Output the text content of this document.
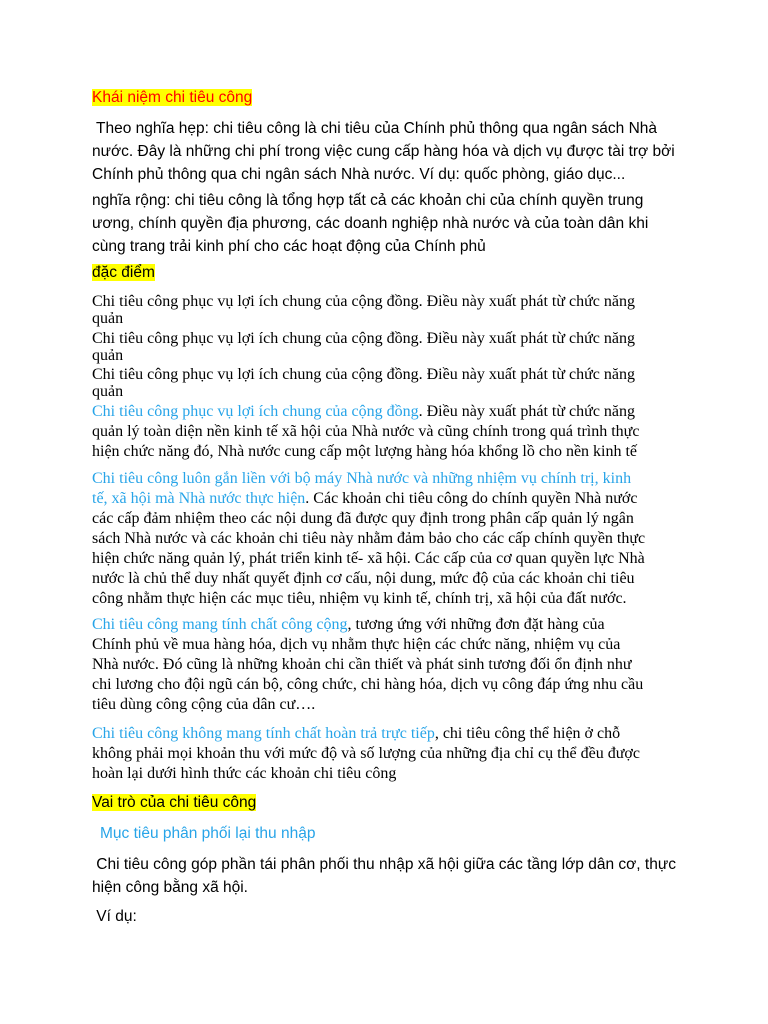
Khái niệm chi tiêu công
Theo nghĩa hẹp: chi tiêu công là chi tiêu của Chính phủ thông qua ngân sách Nhà
nước. Đây là những chi phí trong việc cung cấp hàng hóa và dịch vụ được tài trợ bởi
Chính phủ thông qua chi ngân sách Nhà nước. Ví dụ: quốc phòng, giáo dục...
nghĩa rộng: chi tiêu công là tổng hợp tất cả các khoản chi của chính quyền trung
ương, chính quyền địa phương, các doanh nghiệp nhà nước và của toàn dân khi
cùng trang trải kinh phí cho các hoạt động của Chính phủ
đặc điểm
Chi tiêu công phục vụ lợi ích chung của cộng đồng. Điều này xuất phát từ chức năng
quản
Chi tiêu công phục vụ lợi ích chung của cộng đồng. Điều này xuất phát từ chức năng
quản
Chi tiêu công phục vụ lợi ích chung của cộng đồng. Điều này xuất phát từ chức năng
quản
Chi tiêu công phục vụ lợi ích chung của cộng đồng. Điều này xuất phát từ chức năng
quản lý toàn diện nền kinh tế xã hội của Nhà nước và cũng chính trong quá trình thực
hiện chức năng đó, Nhà nước cung cấp một lượng hàng hóa khổng lồ cho nền kinh tế
Chi tiêu công luôn gắn liền với bộ máy Nhà nước và những nhiệm vụ chính trị, kinh
tế, xã hội mà Nhà nước thực hiện. Các khoản chi tiêu công do chính quyền Nhà nước
các cấp đảm nhiệm theo các nội dung đã được quy định trong phân cấp quản lý ngân
sách Nhà nước và các khoản chi tiêu này nhằm đảm bảo cho các cấp chính quyền thực
hiện chức năng quản lý, phát triển kinh tế- xã hội. Các cấp của cơ quan quyền lực Nhà
nước là chủ thể duy nhất quyết định cơ cấu, nội dung, mức độ của các khoản chi tiêu
công nhằm thực hiện các mục tiêu, nhiệm vụ kinh tế, chính trị, xã hội của đất nước.
Chi tiêu công mang tính chất công cộng, tương ứng với những đơn đặt hàng của
Chính phủ về mua hàng hóa, dịch vụ nhằm thực hiện các chức năng, nhiệm vụ của
Nhà nước. Đó cũng là những khoản chi cần thiết và phát sinh tương đối ổn định như
chi lương cho đội ngũ cán bộ, công chức, chi hàng hóa, dịch vụ công đáp ứng nhu cầu
tiêu dùng công cộng của dân cư….
Chi tiêu công không mang tính chất hoàn trả trực tiếp, chi tiêu công thể hiện ở chỗ
không phải mọi khoản thu với mức độ và số lượng của những địa chỉ cụ thể đều được
hoàn lại dưới hình thức các khoản chi tiêu công
Vai trò của chi tiêu công
Mục tiêu phân phối lại thu nhập
Chi tiêu công góp phần tái phân phối thu nhập xã hội giữa các tầng lớp dân cơ, thực
hiện công bằng xã hội.
Ví dụ:
